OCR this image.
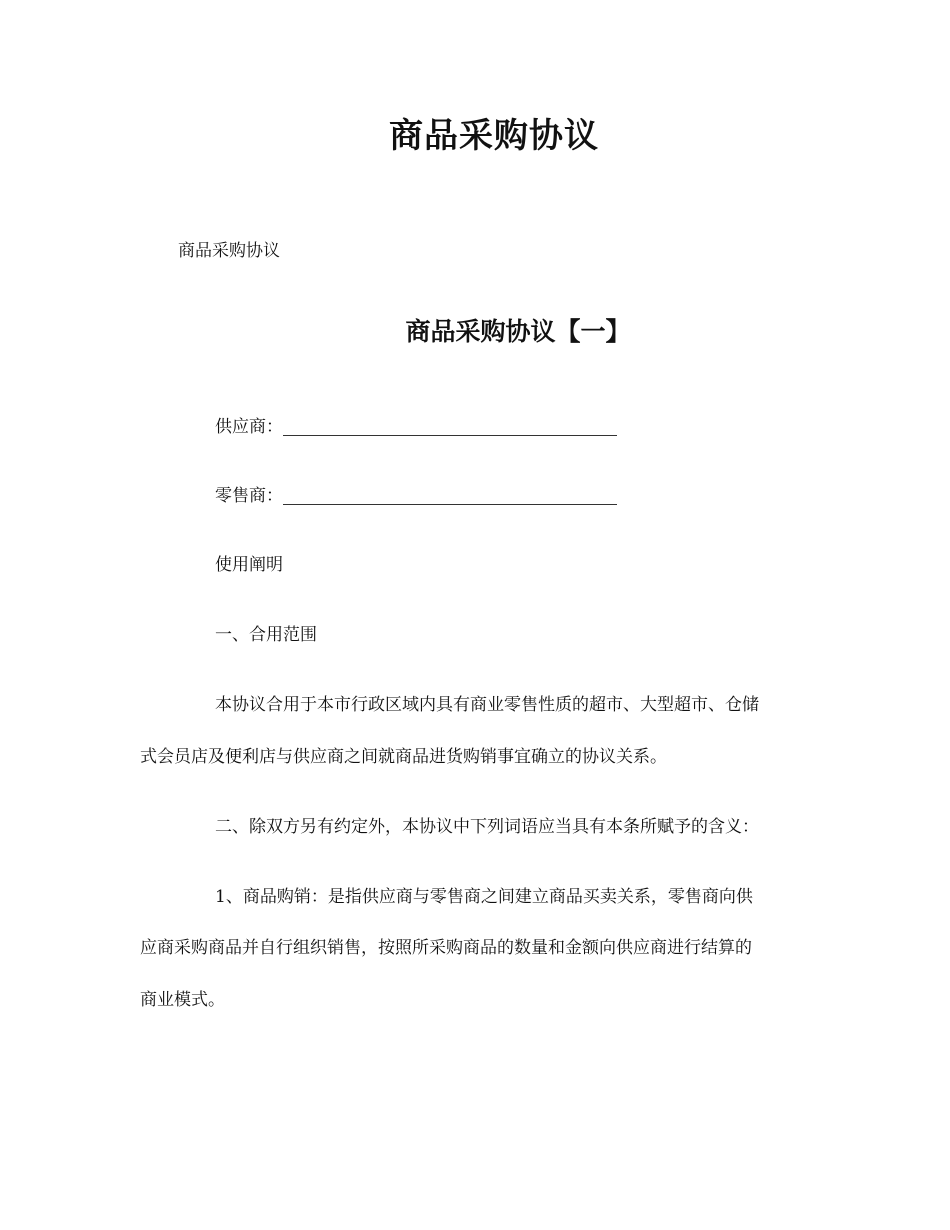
商品采购协议

商品采购协议

商品采购协议【一】
供应商：
零售商：

使用阐明

一、合用范围

本协议合用于本市行政区域内具有商业零售性质的超市、大型超市、仓储

式会员店及便利店与供应商之间就商品进货购销事宜确立的协议关系。

二、除双方另有约定外，本协议中下列词语应当具有本条所赋予的含义：

1、商品购销：是指供应商与零售商之间建立商品买卖关系，零售商向供

应商采购商品并自行组织销售，按照所采购商品的数量和金额向供应商进行结算的

商业模式。
